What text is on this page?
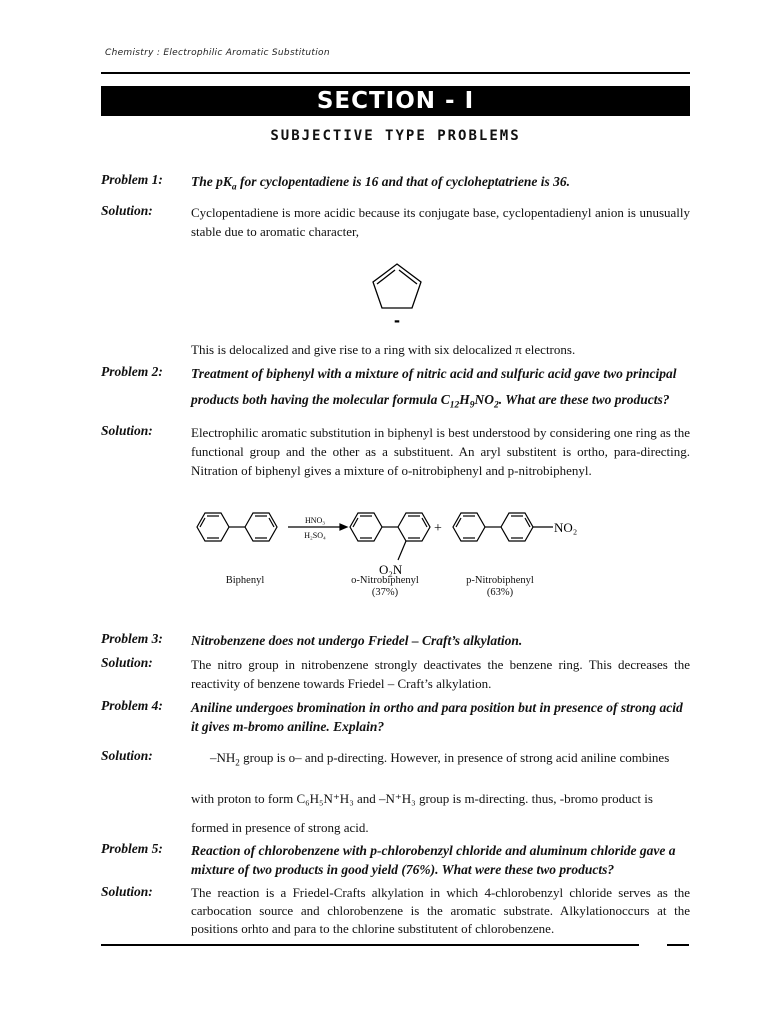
Chemistry : Electrophilic Aromatic Substitution
SECTION - I
SUBJECTIVE TYPE PROBLEMS
Problem 1: The $pK_a$ for cyclopentadiene is 16 and that of cycloheptatriene is 36.
Solution:	Cyclopentadiene is more acidic because its conjugate base, cyclopentadienyl anion is unusually stable due to aromatic character,
-
This is delocalized and give rise to a ring with six delocalized π electrons.
Problem 2: Treatment of biphenyl with a mixture of nitric acid and sulfuric acid gave two principal
products both having the molecular formula $C_{12}H_9NO_2$. What are these two products?
Solution:	Electrophilic aromatic substitution in biphenyl is best understood by considering one ring as the functional group and the other as a substituent. An aryl substitent is ortho, para-directing. Nitration of biphenyl gives a mixture of o-nitrobiphenyl and p-nitrobiphenyl.
HNO₃
H₂SO₄	+	NO₂
O₂N
Biphenyl	o-Nitrobiphenyl
(37%)
p-Nitrobiphenyl
(63%)
Problem 3: Nitrobenzene does not undergo Friedel – Craft’s alkylation.
Solution:	The nitro group in nitrobenzene strongly deactivates the benzene ring. This decreases the reactivity of benzene towards Friedel – Craft’s alkylation.
Problem 4: Aniline undergoes bromination in ortho and para position but in presence of strong acid it gives m-bromo aniline. Explain?
Solution:	$-NH_2$ group is o– and p-directing. However, in presence of strong acid aniline combines
with proton to form C₆H₅N⁺H₃ and –N⁺H₃ group is m-directing. thus, -bromo product is
formed in presence of strong acid.
Problem 5: Reaction of chlorobenzene with p-chlorobenzyl chloride and aluminum chloride gave a mixture of two products in good yield (76%). What were these two products?
Solution:	The reaction is a Friedel-Crafts alkylation in which 4-chlorobenzyl chloride serves as the carbocation source and chlorobenzene is the aromatic substrate. Alkylationoccurs at the positions orhto and para to the chlorine substitutent of chlorobenzene.
